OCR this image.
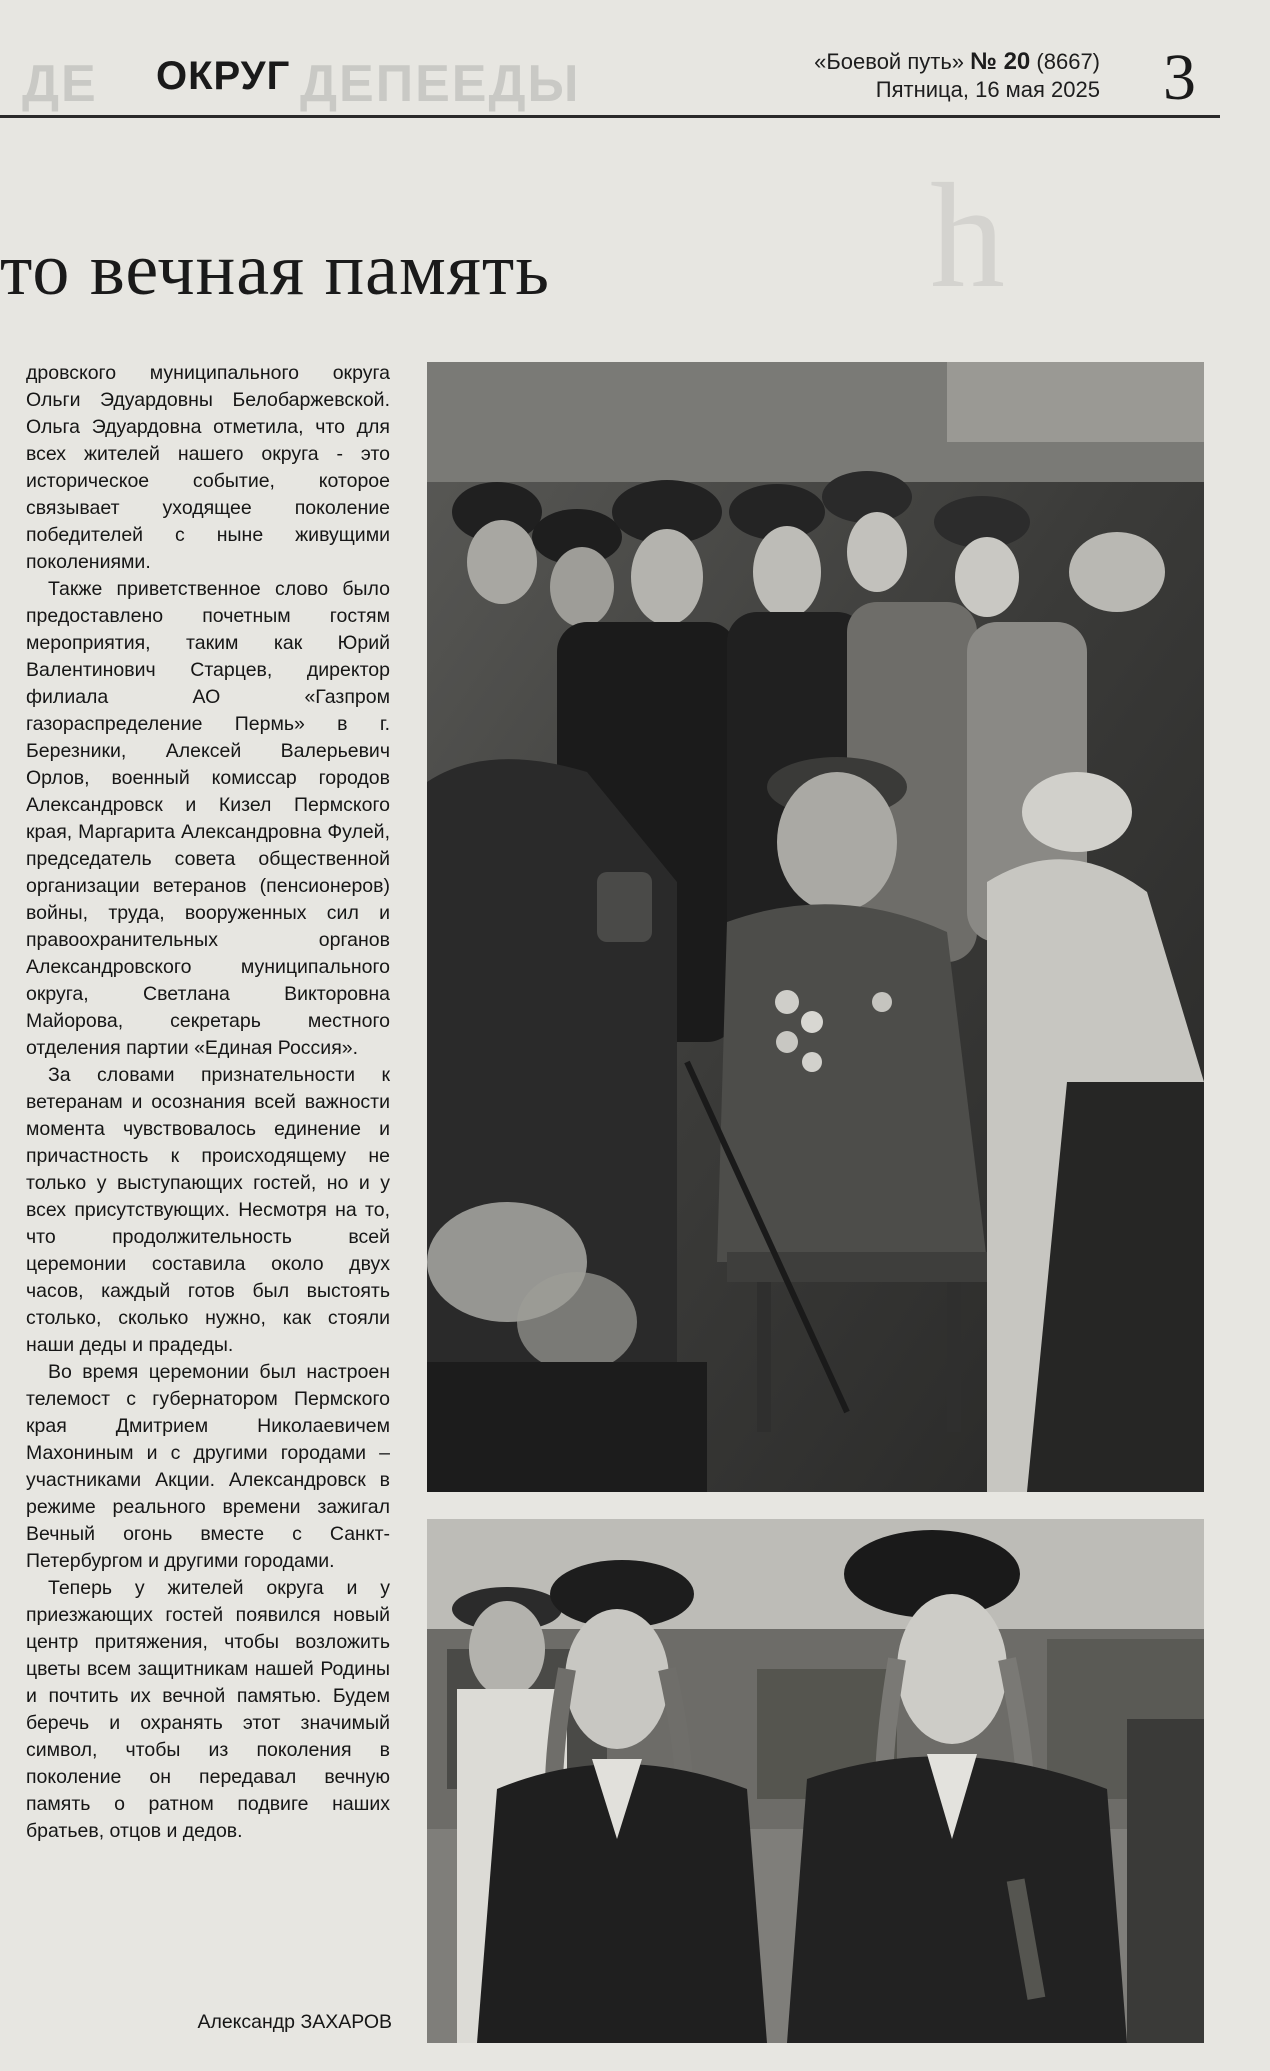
ДЕ	ДЕПЕЕДЫ
ОКРУГ	«Боевой путь» № 20 (8667)
Пятница, 16 мая 2025 3
h
то вечная память

дровского муниципального округа Ольги Эдуардовны Белобаржевской. Ольга Эдуардовна отметила, что для всех жителей нашего округа - это историческое событие, которое связывает уходящее поколение победителей с ныне живущими поколениями.

Также приветственное слово было предоставлено почетным гостям мероприятия, таким как Юрий Валентинович Старцев, директор филиала АО «Газпром газораспределение Пермь» в г. Березники, Алексей Валерьевич Орлов, военный комиссар городов Александровск и Кизел Пермского края, Маргарита Александровна Фулей, председатель совета общественной организации ветеранов (пенсионеров) войны, труда, вооруженных сил и правоохранительных органов Александровского муниципального округа, Светлана Викторовна Майорова, секретарь местного отделения партии «Единая Россия».

За словами признательности к ветеранам и осознания всей важности момента чувствовалось единение и причастность к происходящему не только у выступающих гостей, но и у всех присутствующих. Несмотря на то, что продолжительность всей церемонии составила около двух часов, каждый готов был выстоять столько, сколько нужно, как стояли наши деды и прадеды.

Во время церемонии был настроен телемост с губернатором Пермского края Дмитрием Николаевичем Махониным и с другими городами – участниками Акции. Александровск в режиме реального времени зажигал Вечный огонь вместе с Санкт-Петербургом и другими городами.

Теперь у жителей округа и у приезжающих гостей появился новый центр притяжения, чтобы возложить цветы всем защитникам нашей Родины и почтить их вечной памятью. Будем беречь и охранять этот значимый символ, чтобы из поколения в поколение он передавал вечную память о ратном подвиге наших братьев, отцов и дедов.

Александр ЗАХАРОВ
